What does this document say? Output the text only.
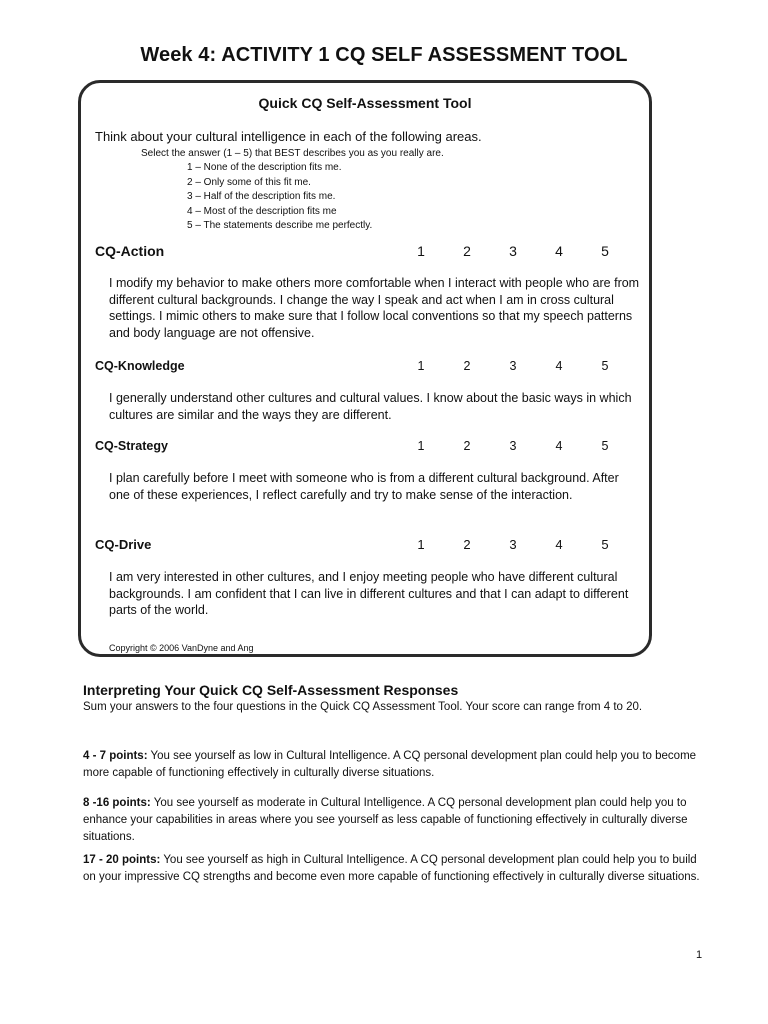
Week 4: ACTIVITY 1 CQ SELF ASSESSMENT TOOL
Quick CQ Self-Assessment Tool
Think about your cultural intelligence in each of the following areas.
Select the answer (1 – 5) that BEST describes you as you really are.
1 – None of the description fits me.
2 – Only some of this fit me.
3 – Half of the description fits me.
4 – Most of the description fits me
5 – The statements describe me perfectly.
CQ-Action	1	2	3	4	5

I modify my behavior to make others more comfortable when I interact with people who are from different cultural backgrounds. I change the way I speak and act when I am in cross cultural settings. I mimic others to make sure that I follow local conventions so that my speech patterns and body language are not offensive.

CQ-Knowledge	1	2	3	4	5

I generally understand other cultures and cultural values. I know about the basic ways in which cultures are similar and the ways they are different.

CQ-Strategy	1	2	3	4	5

I plan carefully before I meet with someone who is from a different cultural background. After one of these experiences, I reflect carefully and try to make sense of the interaction.

CQ-Drive	1	2	3	4	5

I am very interested in other cultures, and I enjoy meeting people who have different cultural backgrounds. I am confident that I can live in different cultures and that I can adapt to different parts of the world.

Copyright © 2006 VanDyne and Ang
Interpreting Your Quick CQ Self-Assessment Responses

Sum your answers to the four questions in the Quick CQ Assessment Tool. Your score can range from 4 to 20.

4 - 7 points: You see yourself as low in Cultural Intelligence. A CQ personal development plan could help you to become more capable of functioning effectively in culturally diverse situations.

8 -16 points: You see yourself as moderate in Cultural Intelligence. A CQ personal development plan could help you to enhance your capabilities in areas where you see yourself as less capable of functioning effectively in culturally diverse situations.

17 - 20 points: You see yourself as high in Cultural Intelligence. A CQ personal development plan could help you to build on your impressive CQ strengths and become even more capable of functioning effectively in culturally diverse situations.

1
